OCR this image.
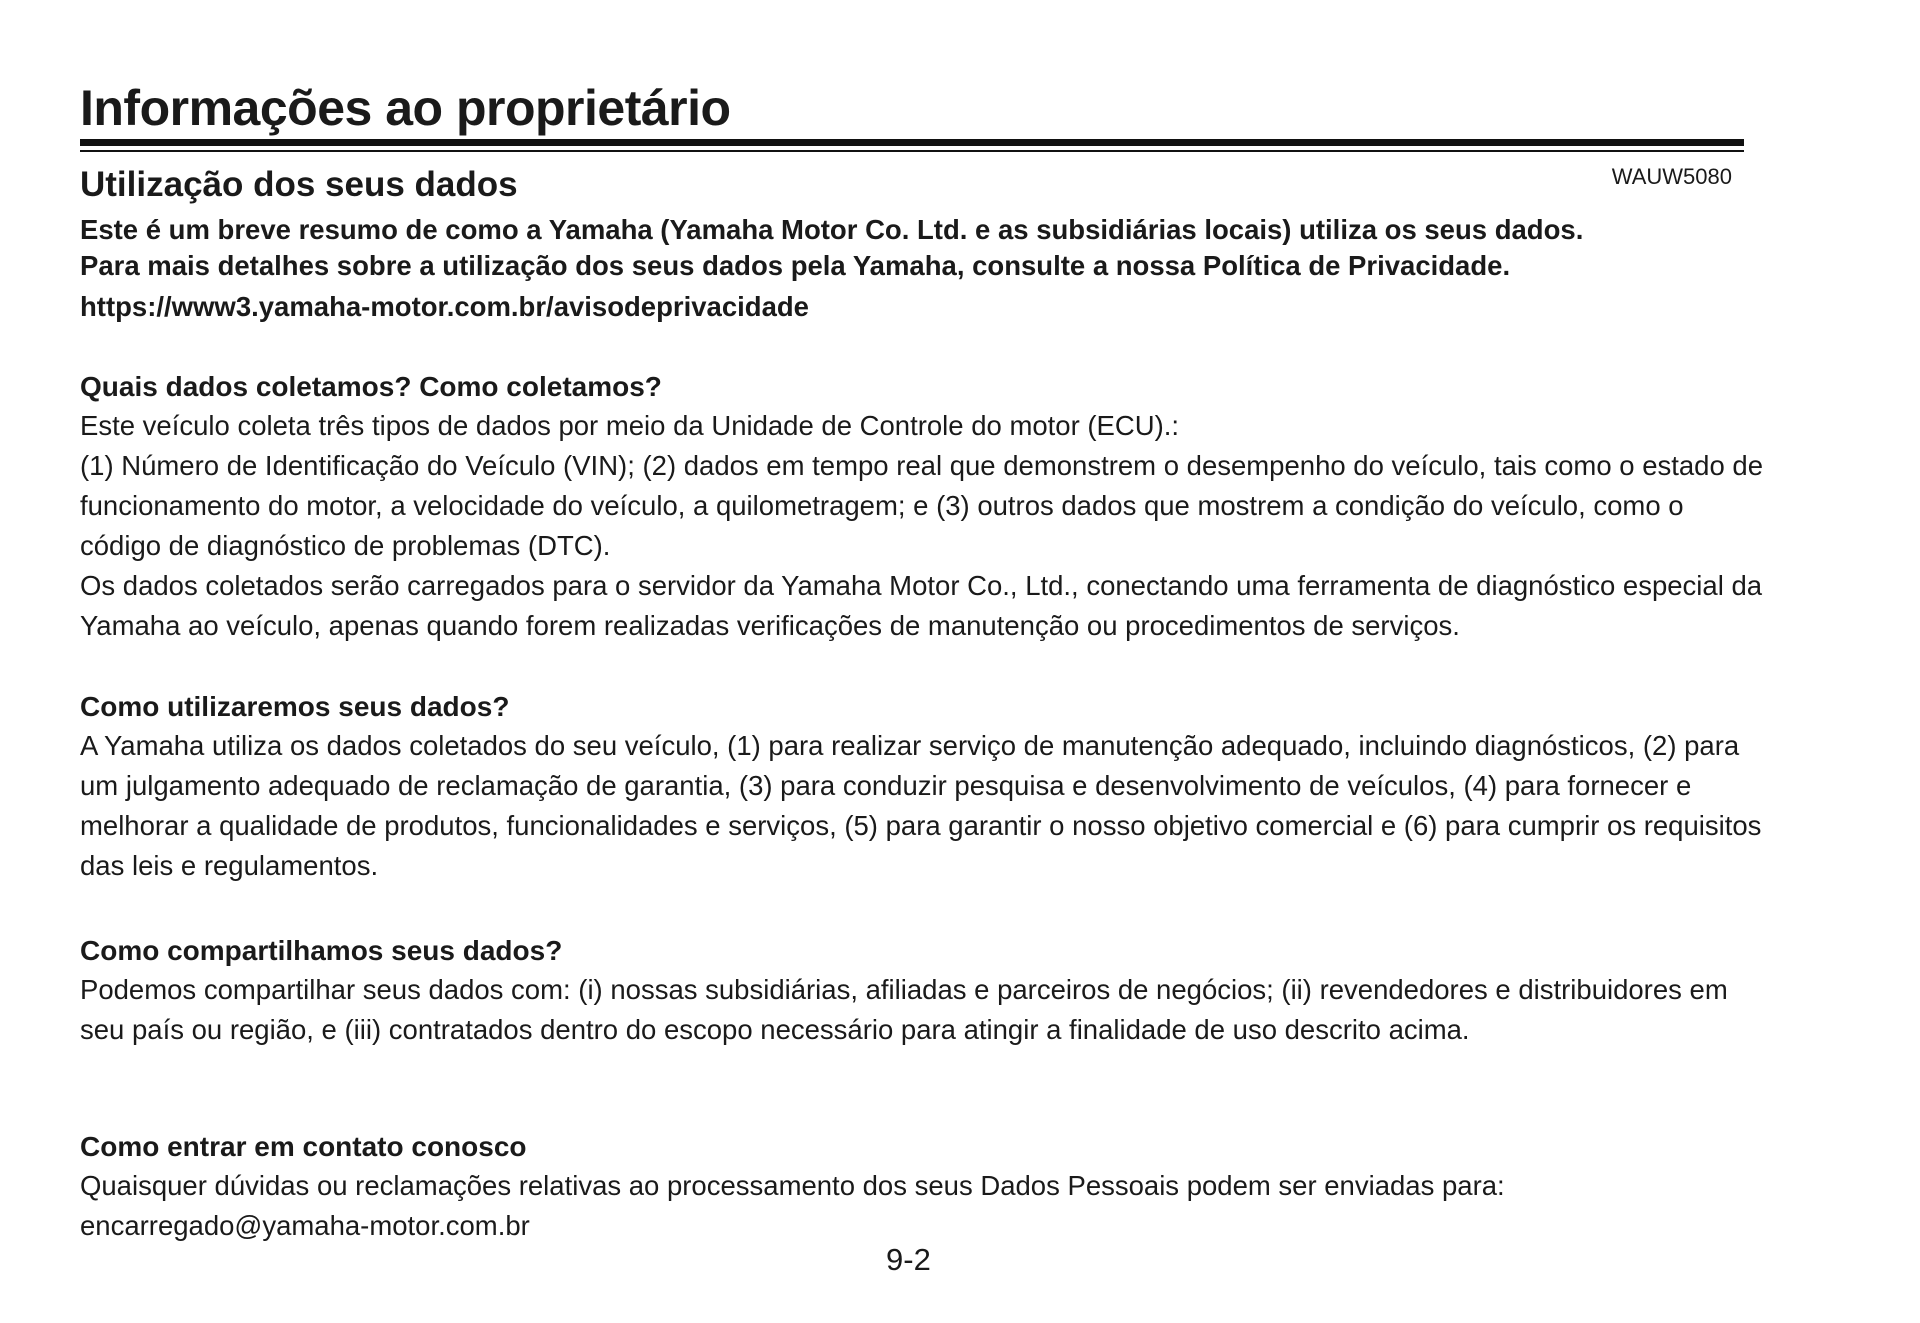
Informações ao proprietário
Utilização dos seus dados	WAUW5080

Este é um breve resumo de como a Yamaha (Yamaha Motor Co. Ltd. e as subsidiárias locais) utiliza os seus dados.

Para mais detalhes sobre a utilização dos seus dados pela Yamaha, consulte a nossa Política de Privacidade.

https://www3.yamaha-motor.com.br/avisodeprivacidade

Quais dados coletamos? Como coletamos?

Este veículo coleta três tipos de dados por meio da Unidade de Controle do motor (ECU).:

(1) Número de Identificação do Veículo (VIN); (2) dados em tempo real que demonstrem o desempenho do veículo, tais como o estado de funcionamento do motor, a velocidade do veículo, a quilometragem; e (3) outros dados que mostrem a condição do veículo, como o código de diagnóstico de problemas (DTC).

Os dados coletados serão carregados para o servidor da Yamaha Motor Co., Ltd., conectando uma ferramenta de diagnóstico especial da Yamaha ao veículo, apenas quando forem realizadas verificações de manutenção ou procedimentos de serviços.

Como utilizaremos seus dados?

A Yamaha utiliza os dados coletados do seu veículo, (1) para realizar serviço de manutenção adequado, incluindo diagnósticos, (2) para um julgamento adequado de reclamação de garantia, (3) para conduzir pesquisa e desenvolvimento de veículos, (4) para fornecer e melhorar a qualidade de produtos, funcionalidades e serviços, (5) para garantir o nosso objetivo comercial e (6) para cumprir os requisitos das leis e regulamentos.

Como compartilhamos seus dados?

Podemos compartilhar seus dados com: (i) nossas subsidiárias, afiliadas e parceiros de negócios; (ii) revendedores e distribuidores em seu país ou região, e (iii) contratados dentro do escopo necessário para atingir a finalidade de uso descrito acima.

Como entrar em contato conosco

Quaisquer dúvidas ou reclamações relativas ao processamento dos seus Dados Pessoais podem ser enviadas para:

encarregado@yamaha-motor.com.br

9-2
